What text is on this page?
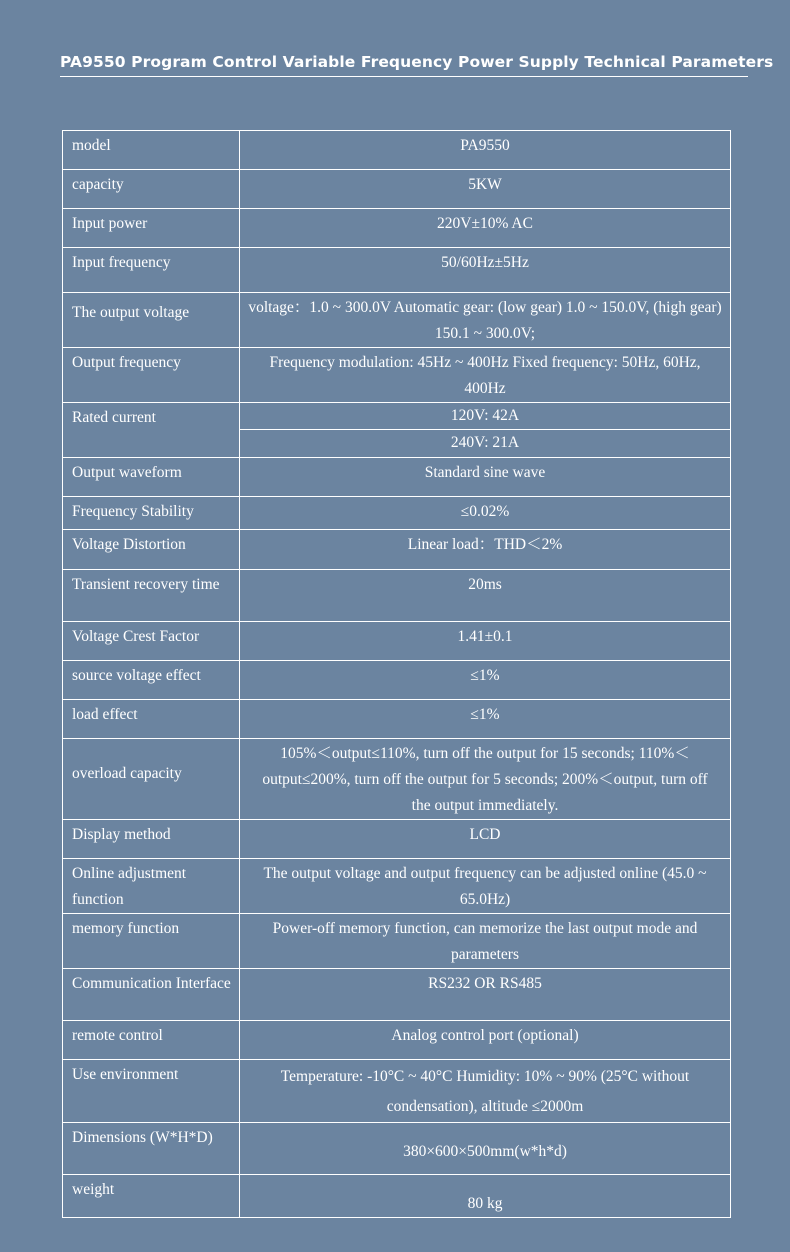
PA9550 Program Control Variable Frequency Power Supply Technical Parameters
model	PA9550
capacity	5KW
Input power	220V±10% AC
Input frequency	50/60Hz±5Hz
The output voltage	voltage：1.0 ~ 300.0V Automatic gear: (low gear) 1.0 ~ 150.0V, (high gear) 150.1 ~ 300.0V;
Output frequency	Frequency modulation: 45Hz ~ 400Hz Fixed frequency: 50Hz, 60Hz, 400Hz
Rated current	120V: 42A
240V: 21A

Output waveform	Standard sine wave
Frequency Stability	≤0.02%
Voltage Distortion	Linear load：THD＜2%
Transient recovery time	20ms
Voltage Crest Factor	1.41±0.1
source voltage effect	≤1%
load effect	≤1%
overload capacity	105%＜output≤110%, turn off the output for 15 seconds; 110%＜output≤200%, turn off the output for 5 seconds; 200%＜output, turn off the output immediately.
Display method	LCD
Online adjustment function	The output voltage and output frequency can be adjusted online (45.0 ~ 65.0Hz)
memory function	Power-off memory function, can memorize the last output mode and parameters
Communication Interface	RS232 OR RS485
remote control	Analog control port (optional)
Use environment	Temperature: -10°C ~ 40°C Humidity: 10% ~ 90% (25°C without condensation), altitude ≤2000m
Dimensions (W*H*D)	380×600×500mm(w*h*d)
weight	80 kg
